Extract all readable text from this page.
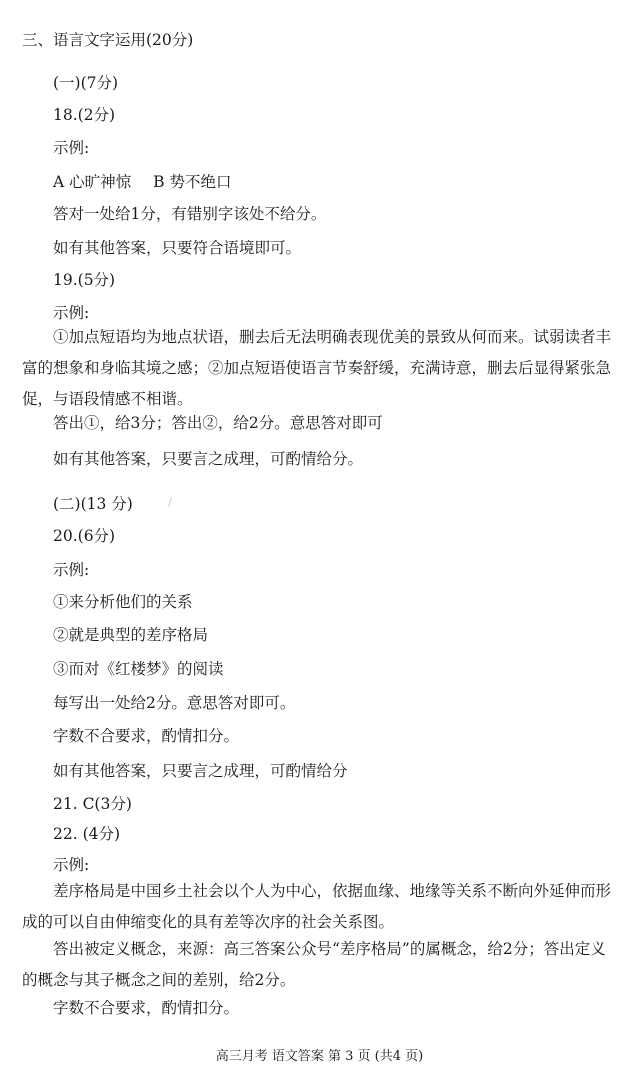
三、语言文字运用(20分)
(一)(7分)
18.(2分)
示例:
A 心旷神惊 B 势不绝口
答对一处给1分，有错别字该处不给分。
如有其他答案，只要符合语境即可。
19.(5分)
示例:
①加点短语均为地点状语，删去后无法明确表现优美的景致从何而来。试弱读者丰富的想象和身临其境之感；②加点短语使语言节奏舒缓，充满诗意，删去后显得紧张急促，与语段情感不相谐。
答出①，给3分；答出②，给2分。意思答对即可
如有其他答案，只要言之成理，可酌情给分。
(二)(13 分)	/
20.(6分)
示例:
①来分析他们的关系
②就是典型的差序格局
③而对《红楼梦》的阅读
每写出一处给2分。意思答对即可。
字数不合要求，酌情扣分。
如有其他答案，只要言之成理，可酌情给分
21. C(3分)
22. (4分)
示例:
差序格局是中国乡土社会以个人为中心，依据血缘、地缘等关系不断向外延伸而形成的可以自由伸缩变化的具有差等次序的社会关系图。
答出被定义概念，来源：高三答案公众号“差序格局”的属概念，给2分；答出定义的概念与其子概念之间的差别，给2分。
字数不合要求，酌情扣分。
高三月考 语文答案 第 3 页 (共4 页)
